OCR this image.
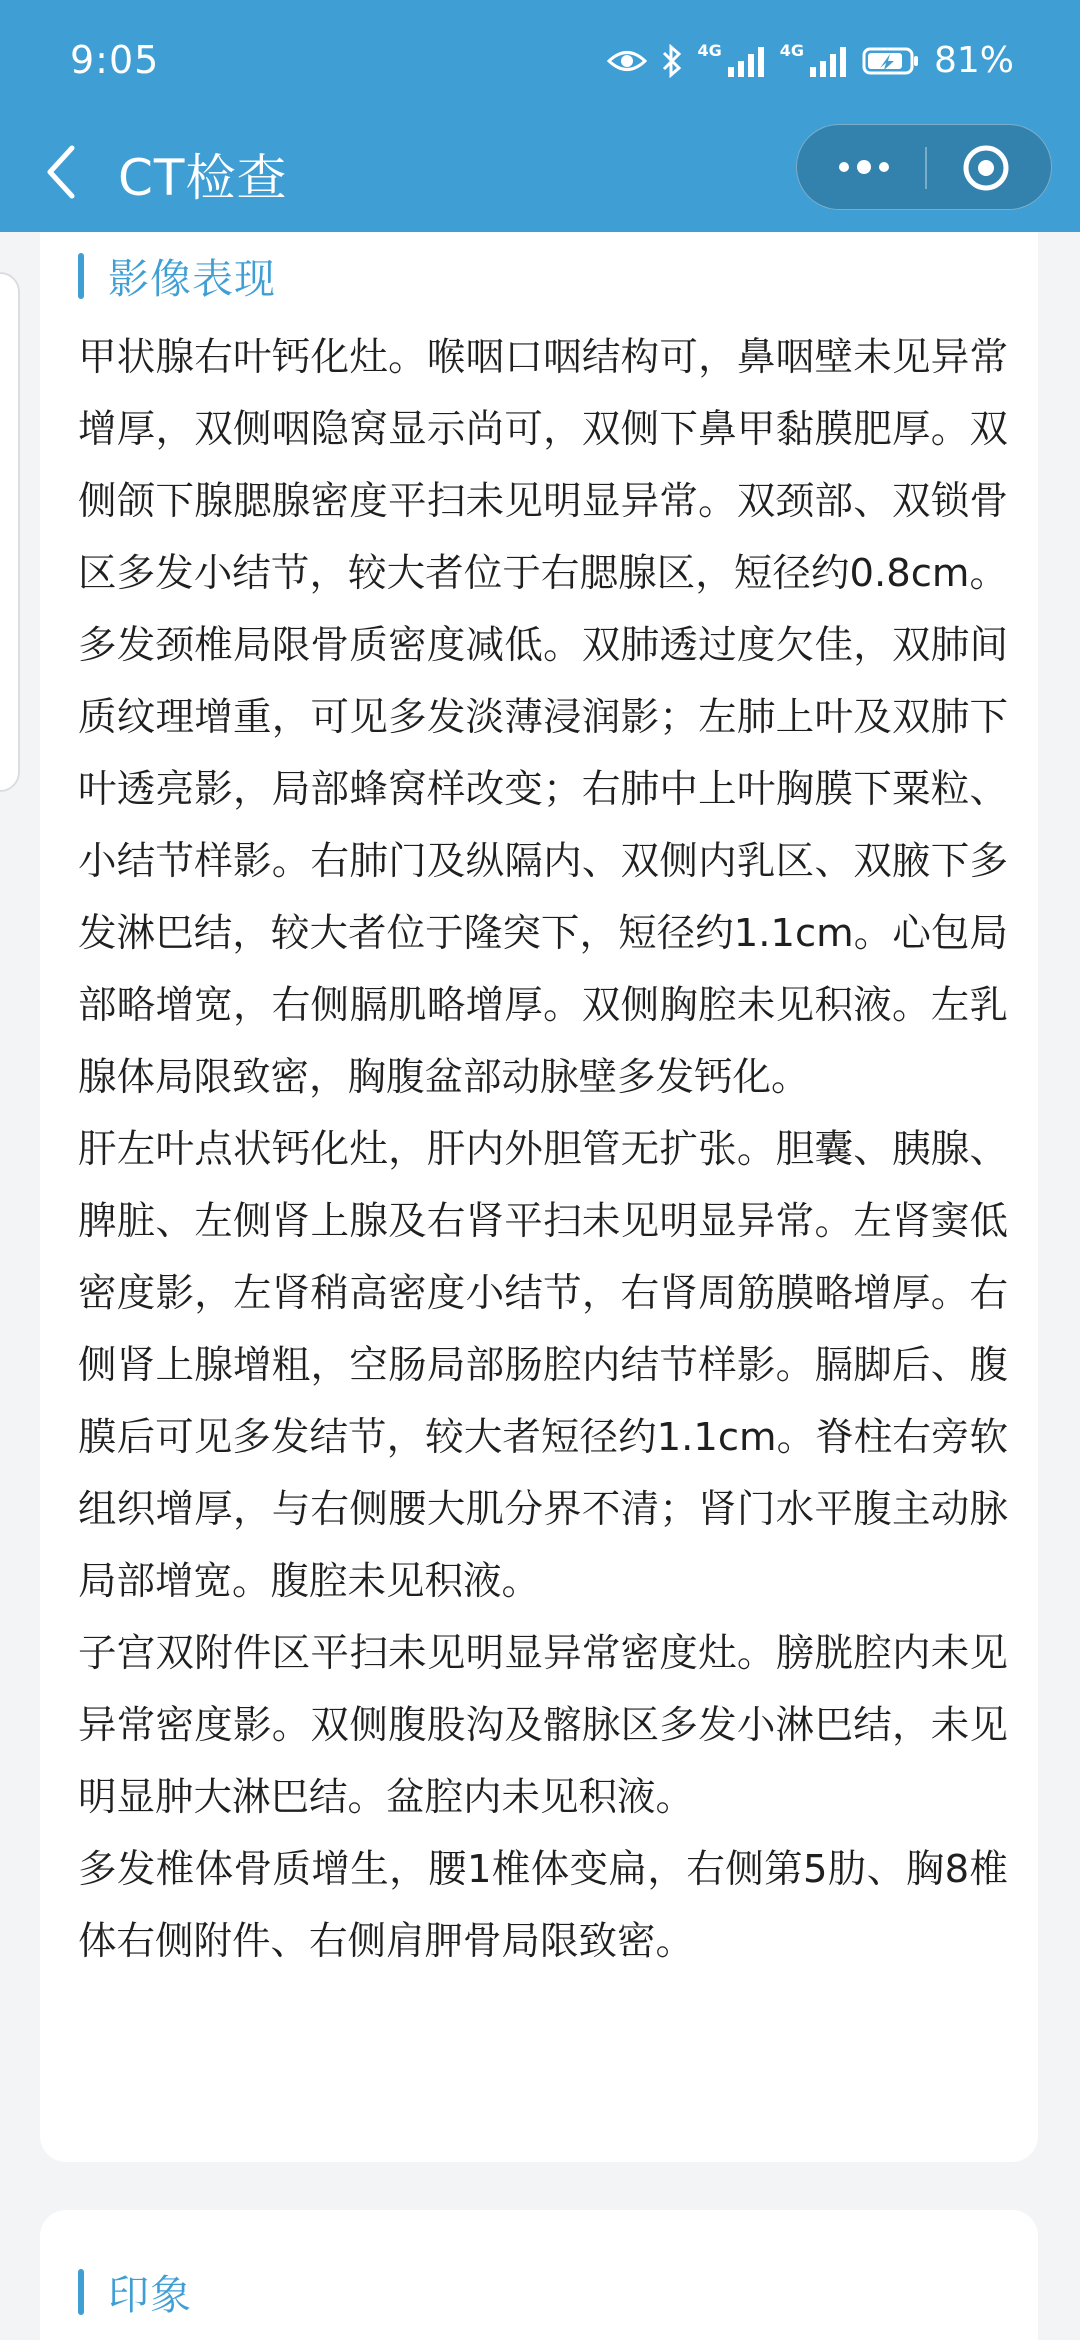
9:05	4G	4G	81%
CT检查
影像表现

甲状腺右叶钙化灶。喉咽口咽结构可，鼻咽壁未见异常增厚，双侧咽隐窝显示尚可，双侧下鼻甲黏膜肥厚。双侧颌下腺腮腺密度平扫未见明显异常。双颈部、双锁骨区多发小结节，较大者位于右腮腺区，短径约0.8cm。多发颈椎局限骨质密度减低。双肺透过度欠佳，双肺间质纹理增重，可见多发淡薄浸润影；左肺上叶及双肺下叶透亮影，局部蜂窝样改变；右肺中上叶胸膜下粟粒、小结节样影。右肺门及纵隔内、双侧内乳区、双腋下多发淋巴结，较大者位于隆突下，短径约1.1cm。心包局部略增宽，右侧膈肌略增厚。双侧胸腔未见积液。左乳腺体局限致密，胸腹盆部动脉壁多发钙化。

肝左叶点状钙化灶，肝内外胆管无扩张。胆囊、胰腺、脾脏、左侧肾上腺及右肾平扫未见明显异常。左肾窦低密度影，左肾稍高密度小结节，右肾周筋膜略增厚。右侧肾上腺增粗，空肠局部肠腔内结节样影。膈脚后、腹膜后可见多发结节，较大者短径约1.1cm。脊柱右旁软组织增厚，与右侧腰大肌分界不清；肾门水平腹主动脉局部增宽。腹腔未见积液。

子宫双附件区平扫未见明显异常密度灶。膀胱腔内未见异常密度影。双侧腹股沟及髂脉区多发小淋巴结，未见明显肿大淋巴结。盆腔内未见积液。

多发椎体骨质增生，腰1椎体变扁，右侧第5肋、胸8椎体右侧附件、右侧肩胛骨局限致密。

印象
